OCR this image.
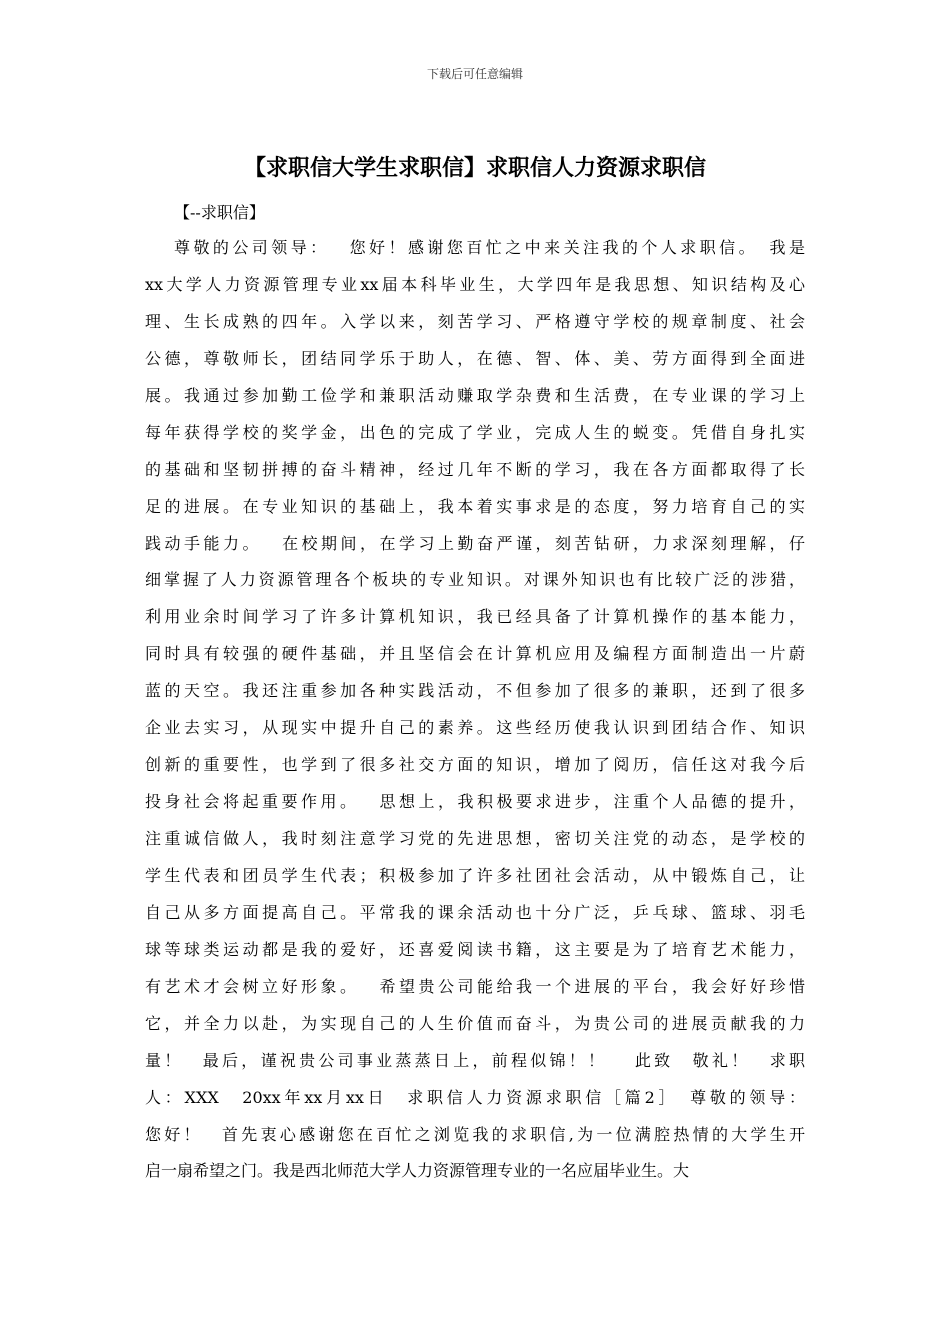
下载后可任意编辑
【求职信大学生求职信】求职信人力资源求职信

【--求职信】

尊敬的公司领导：　 您好！感谢您百忙之中来关注我的个人求职信。　我是
xx大学人力资源管理专业xx届本科毕业生，大学四年是我思想、知识结构及心
理、生长成熟的四年。入学以来，刻苦学习、严格遵守学校的规章制度、社会
公德，尊敬师长，团结同学乐于助人，在德、智、体、美、劳方面得到全面进
展。我通过参加勤工俭学和兼职活动赚取学杂费和生活费，在专业课的学习上
每年获得学校的奖学金，出色的完成了学业，完成人生的蜕变。凭借自身扎实
的基础和坚韧拼搏的奋斗精神，经过几年不断的学习，我在各方面都取得了长
足的进展。在专业知识的基础上，我本着实事求是的态度，努力培育自己的实
践动手能力。　 在校期间，在学习上勤奋严谨，刻苦钻研，力求深刻理解，仔
细掌握了人力资源管理各个板块的专业知识。对课外知识也有比较广泛的涉猎，
利用业余时间学习了许多计算机知识，我已经具备了计算机操作的基本能力，
同时具有较强的硬件基础，并且坚信会在计算机应用及编程方面制造出一片蔚
蓝的天空。我还注重参加各种实践活动，不但参加了很多的兼职，还到了很多
企业去实习，从现实中提升自己的素养。这些经历使我认识到团结合作、知识
创新的重要性，也学到了很多社交方面的知识，增加了阅历，信任这对我今后
投身社会将起重要作用。　 思想上，我积极要求进步，注重个人品德的提升，
注重诚信做人，我时刻注意学习党的先进思想，密切关注党的动态，是学校的
学生代表和团员学生代表；积极参加了许多社团社会活动，从中锻炼自己，让
自己从多方面提高自己。平常我的课余活动也十分广泛，乒乓球、篮球、羽毛
球等球类运动都是我的爱好，还喜爱阅读书籍，这主要是为了培育艺术能力，
有艺术才会树立好形象。　 希望贵公司能给我一个进展的平台，我会好好珍惜
它，并全力以赴，为实现自己的人生价值而奋斗，为贵公司的进展贡献我的力
量！　最后，谨祝贵公司事业蒸蒸日上，前程似锦！！　 此致　敬礼！　求职
人：XXX　20xx年xx月xx日　求职信人力资源求职信［篇2］　尊敬的领导：
您好！　首先衷心感谢您在百忙之浏览我的求职信,为一位满腔热情的大学生开
启一扇希望之门。我是西北师范大学人力资源管理专业的一名应届毕业生。大
